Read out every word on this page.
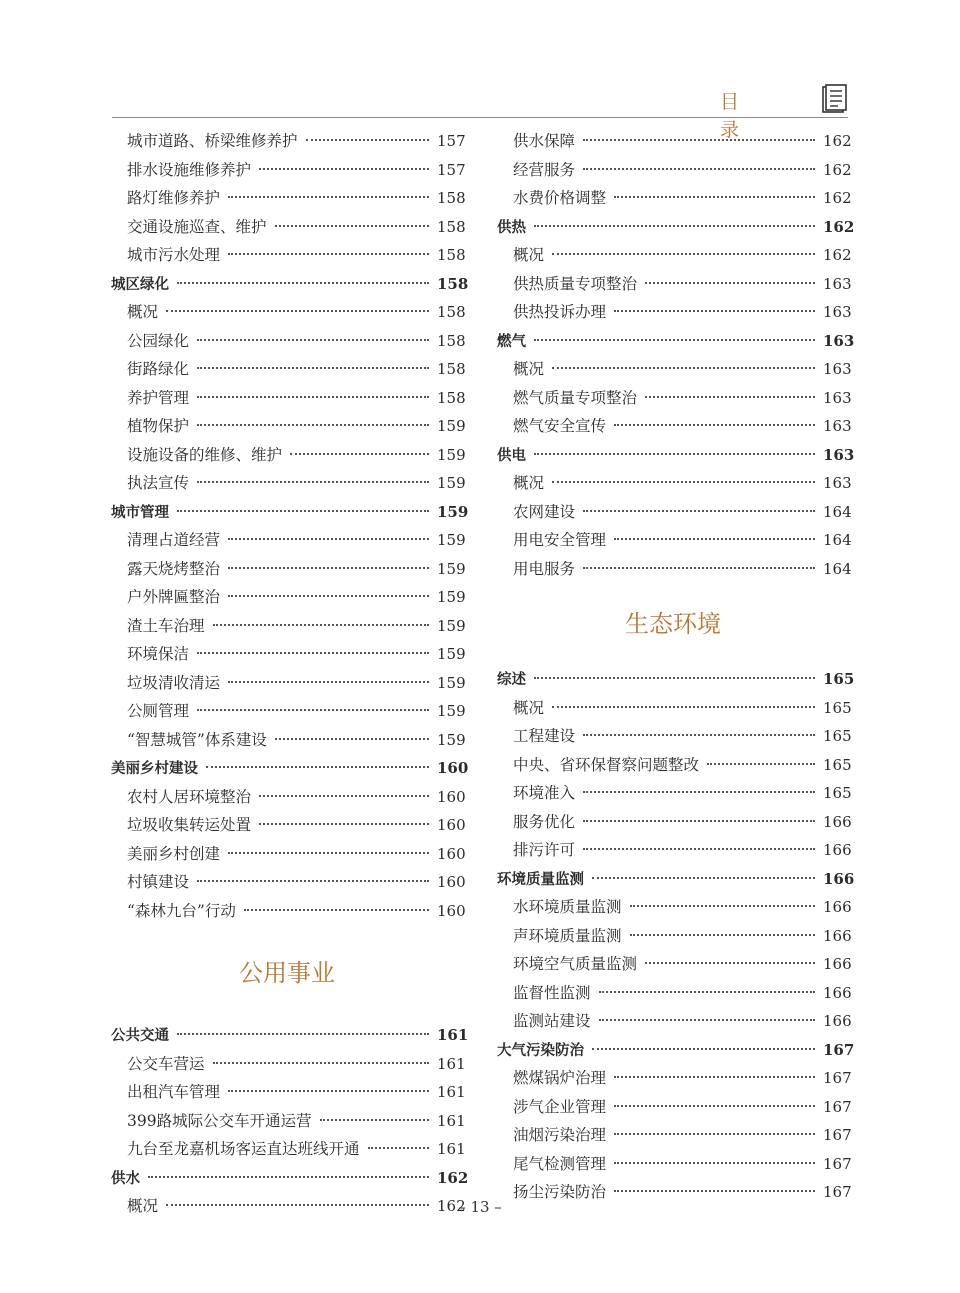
目 录
城市道路、桥梁维修养护	157
排水设施维修养护	157
路灯维修养护	158
交通设施巡查、维护	158
城市污水处理	158
城区绿化	158
概况	158
公园绿化	158
街路绿化	158
养护管理	158
植物保护	159
设施设备的维修、维护	159
执法宣传	159
城市管理	159
清理占道经营	159
露天烧烤整治	159
户外牌匾整治	159
渣土车治理	159
环境保洁	159
垃圾清收清运	159
公厕管理	159
“智慧城管”体系建设	159
美丽乡村建设	160
农村人居环境整治	160
垃圾收集转运处置	160
美丽乡村创建	160
村镇建设	160
“森林九台”行动	160
公用事业
公共交通	161
公交车营运	161
出租汽车管理	161
399路城际公交车开通运营	161
九台至龙嘉机场客运直达班线开通	161
供水	162
概况	162
供水保障	162
经营服务	162
水费价格调整	162
供热	162
概况	162
供热质量专项整治	163
供热投诉办理	163
燃气	163
概况	163
燃气质量专项整治	163
燃气安全宣传	163
供电	163
概况	163
农网建设	164
用电安全管理	164
用电服务	164
生态环境
综述	165
概况	165
工程建设	165
中央、省环保督察问题整改	165
环境准入	165
服务优化	166
排污许可	166
环境质量监测	166
水环境质量监测	166
声环境质量监测	166
环境空气质量监测	166
监督性监测	166
监测站建设	166
大气污染防治	167
燃煤锅炉治理	167
涉气企业管理	167
油烟污染治理	167
尾气检测管理	167
扬尘污染防治	167
– 13 –
